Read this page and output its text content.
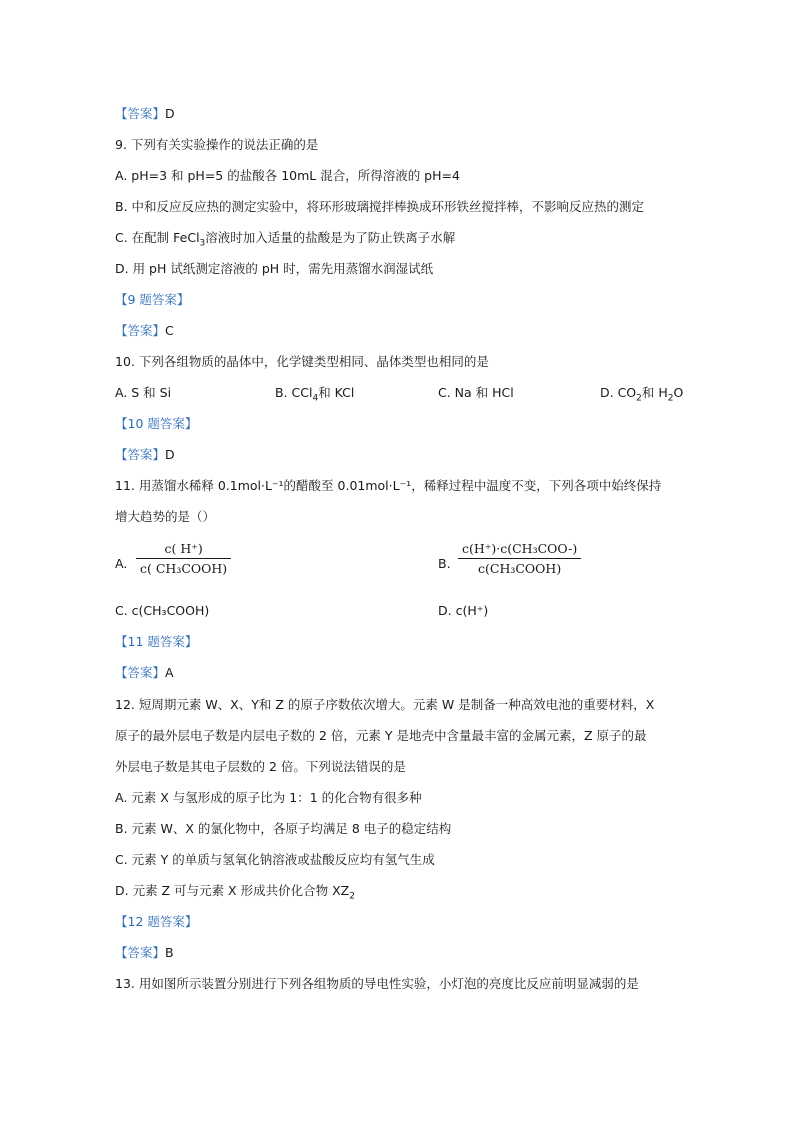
【答案】D
9. 下列有关实验操作的说法正确的是
A. pH=3 和 pH=5 的盐酸各 10mL 混合，所得溶液的 pH=4
B. 中和反应反应热的测定实验中，将环形玻璃搅拌棒换成环形铁丝搅拌棒，不影响反应热的测定
C. 在配制 FeCl$_3$溶液时加入适量的盐酸是为了防止铁离子水解
D. 用 pH 试纸测定溶液的 pH 时，需先用蒸馏水润湿试纸
【9 题答案】
【答案】C
10. 下列各组物质的晶体中，化学键类型相同、晶体类型也相同的是
A. S 和 Si	B. CCl$_4$和 KCl	C. Na 和 HCl	D. $CO_2$和 $H_2O$
【10 题答案】
【答案】D
11. 用蒸馏水稀释 0.1mol·L⁻¹的醋酸至 0.01mol·L⁻¹，稀释过程中温度不变，下列各项中始终保持
增大趋势的是（）
A.
c( H⁺)
c( CH₃COOH)	B.
c(H⁺)·c(CH₃COO-)
c(CH₃COOH)
C. c(CH₃COOH)	D. c(H⁺)
【11 题答案】
【答案】A
12. 短周期元素 W、X、Y和 Z 的原子序数依次增大。元素 W 是制备一种高效电池的重要材料，X
原子的最外层电子数是内层电子数的 2 倍，元素 Y 是地壳中含量最丰富的金属元素，Z 原子的最
外层电子数是其电子层数的 2 倍。下列说法错误的是
A. 元素 X 与氢形成的原子比为 1：1 的化合物有很多种
B. 元素 W、X 的氯化物中，各原子均满足 8 电子的稳定结构
C. 元素 Y 的单质与氢氧化钠溶液或盐酸反应均有氢气生成
D. 元素 Z 可与元素 X 形成共价化合物 $XZ_2$
【12 题答案】
【答案】B
13. 用如图所示装置分别进行下列各组物质的导电性实验，小灯泡的亮度比反应前明显减弱的是
